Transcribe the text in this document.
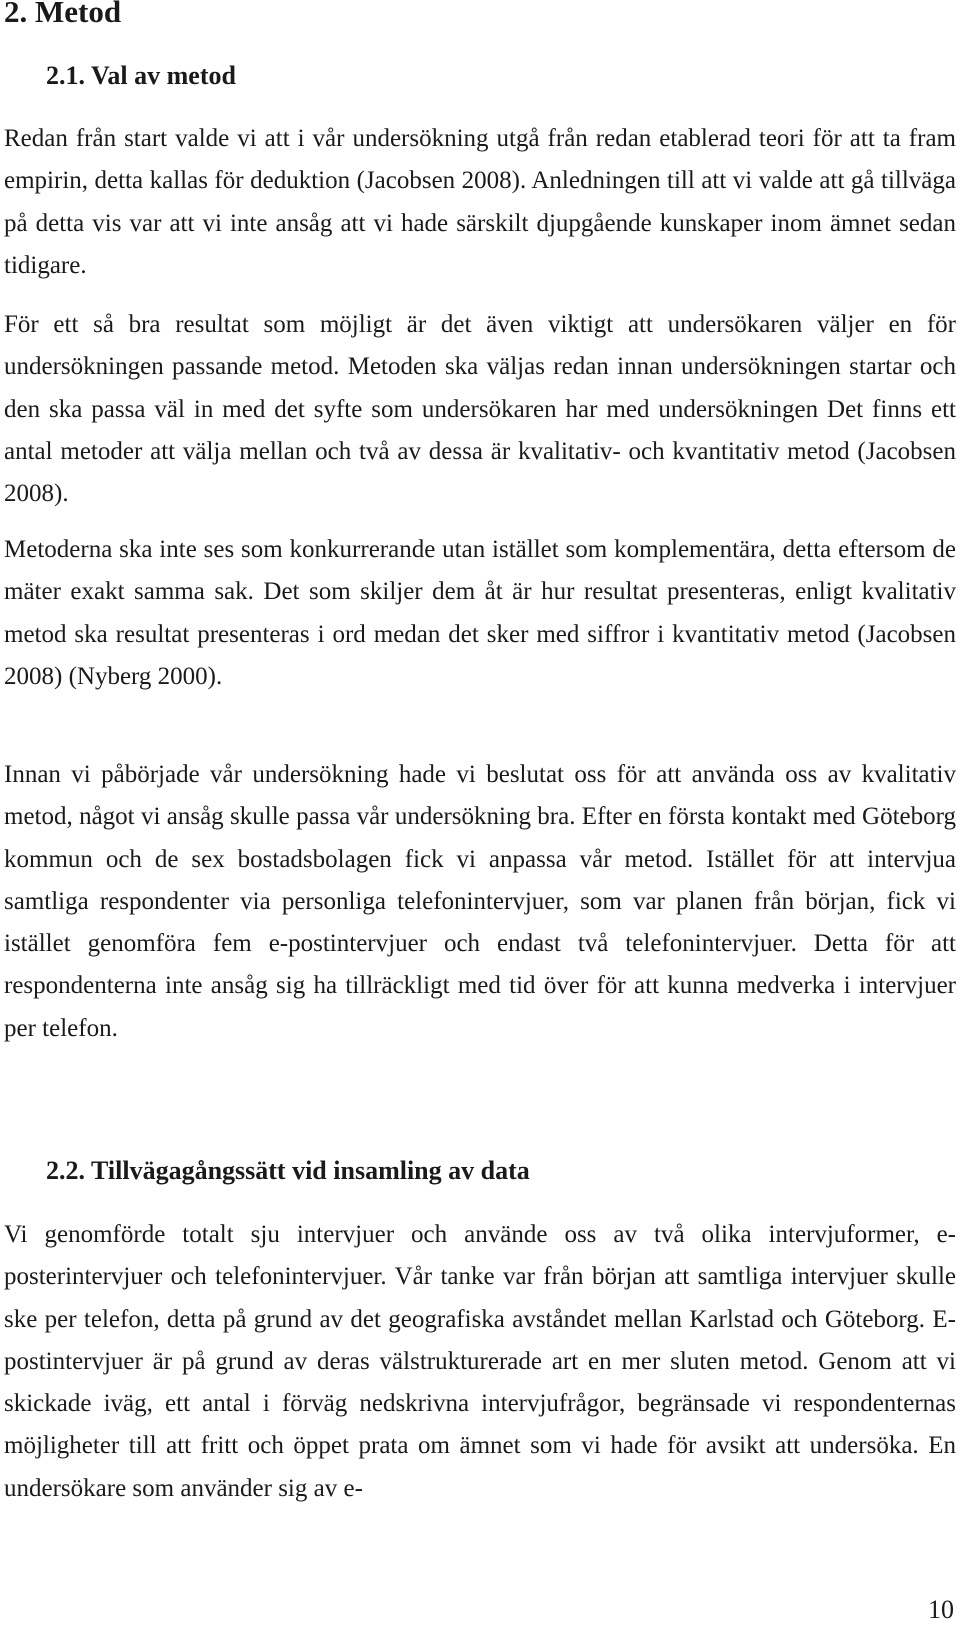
2. Metod
2.1. Val av metod

Redan från start valde vi att i vår undersökning utgå från redan etablerad teori för att ta fram empirin, detta kallas för deduktion (Jacobsen 2008). Anledningen till att vi valde att gå tillväga på detta vis var att vi inte ansåg att vi hade särskilt djupgående kunskaper inom ämnet sedan tidigare.

För ett så bra resultat som möjligt är det även viktigt att undersökaren väljer en för undersökningen passande metod. Metoden ska väljas redan innan undersökningen startar och den ska passa väl in med det syfte som undersökaren har med undersökningen Det finns ett antal metoder att välja mellan och två av dessa är kvalitativ- och kvantitativ metod (Jacobsen 2008).

Metoderna ska inte ses som konkurrerande utan istället som komplementära, detta eftersom de mäter exakt samma sak. Det som skiljer dem åt är hur resultat presenteras, enligt kvalitativ metod ska resultat presenteras i ord medan det sker med siffror i kvantitativ metod (Jacobsen 2008) (Nyberg 2000).

Innan vi påbörjade vår undersökning hade vi beslutat oss för att använda oss av kvalitativ metod, något vi ansåg skulle passa vår undersökning bra. Efter en första kontakt med Göteborg kommun och de sex bostadsbolagen fick vi anpassa vår metod. Istället för att intervjua samtliga respondenter via personliga telefonintervjuer, som var planen från början, fick vi istället genomföra fem e-postintervjuer och endast två telefonintervjuer. Detta för att respondenterna inte ansåg sig ha tillräckligt med tid över för att kunna medverka i intervjuer per telefon.

2.2. Tillvägagångssätt vid insamling av data

Vi genomförde totalt sju intervjuer och använde oss av två olika intervjuformer, e-posterintervjuer och telefonintervjuer. Vår tanke var från början att samtliga intervjuer skulle ske per telefon, detta på grund av det geografiska avståndet mellan Karlstad och Göteborg. E-postintervjuer är på grund av deras välstrukturerade art en mer sluten metod. Genom att vi skickade iväg, ett antal i förväg nedskrivna intervjufrågor, begränsade vi respondenternas möjligheter till att fritt och öppet prata om ämnet som vi hade för avsikt att undersöka. En undersökare som använder sig av e-

10
